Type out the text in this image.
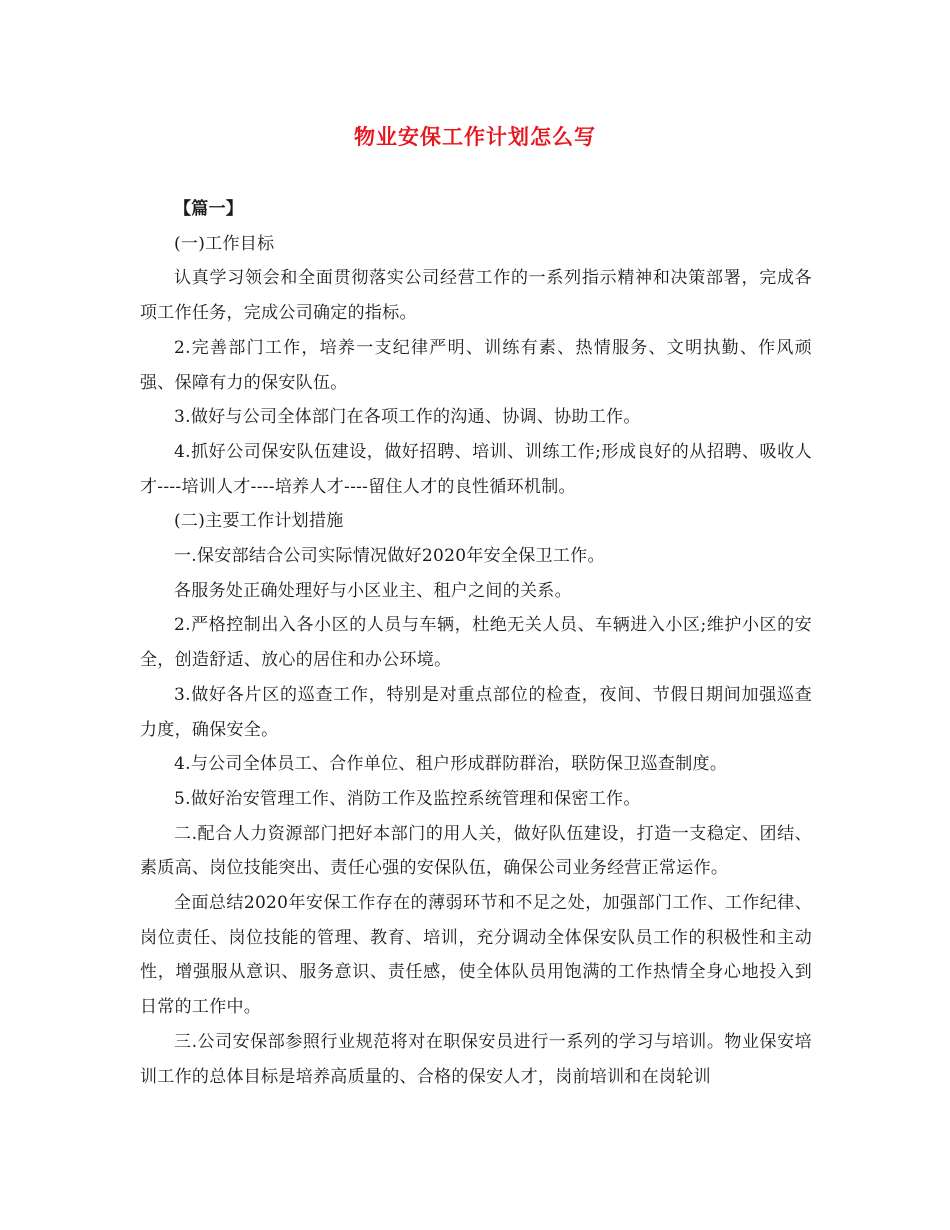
物业安保工作计划怎么写

【篇一】

(一)工作目标

认真学习领会和全面贯彻落实公司经营工作的一系列指示精神和决策部署，完成各项工作任务，完成公司确定的指标。

2.完善部门工作，培养一支纪律严明、训练有素、热情服务、文明执勤、作风顽强、保障有力的保安队伍。

3.做好与公司全体部门在各项工作的沟通、协调、协助工作。

4.抓好公司保安队伍建设，做好招聘、培训、训练工作;形成良好的从招聘、吸收人才----培训人才----培养人才----留住人才的良性循环机制。

(二)主要工作计划措施

一.保安部结合公司实际情况做好2020年安全保卫工作。

各服务处正确处理好与小区业主、租户之间的关系。

2.严格控制出入各小区的人员与车辆，杜绝无关人员、车辆进入小区;维护小区的安全，创造舒适、放心的居住和办公环境。

3.做好各片区的巡查工作，特别是对重点部位的检查，夜间、节假日期间加强巡查力度，确保安全。

4.与公司全体员工、合作单位、租户形成群防群治，联防保卫巡查制度。

5.做好治安管理工作、消防工作及监控系统管理和保密工作。

二.配合人力资源部门把好本部门的用人关，做好队伍建设，打造一支稳定、团结、素质高、岗位技能突出、责任心强的安保队伍，确保公司业务经营正常运作。

全面总结2020年安保工作存在的薄弱环节和不足之处，加强部门工作、工作纪律、岗位责任、岗位技能的管理、教育、培训，充分调动全体保安队员工作的积极性和主动性，增强服从意识、服务意识、责任感，使全体队员用饱满的工作热情全身心地投入到日常的工作中。

三.公司安保部参照行业规范将对在职保安员进行一系列的学习与培训。物业保安培训工作的总体目标是培养高质量的、合格的保安人才，岗前培训和在岗轮训
